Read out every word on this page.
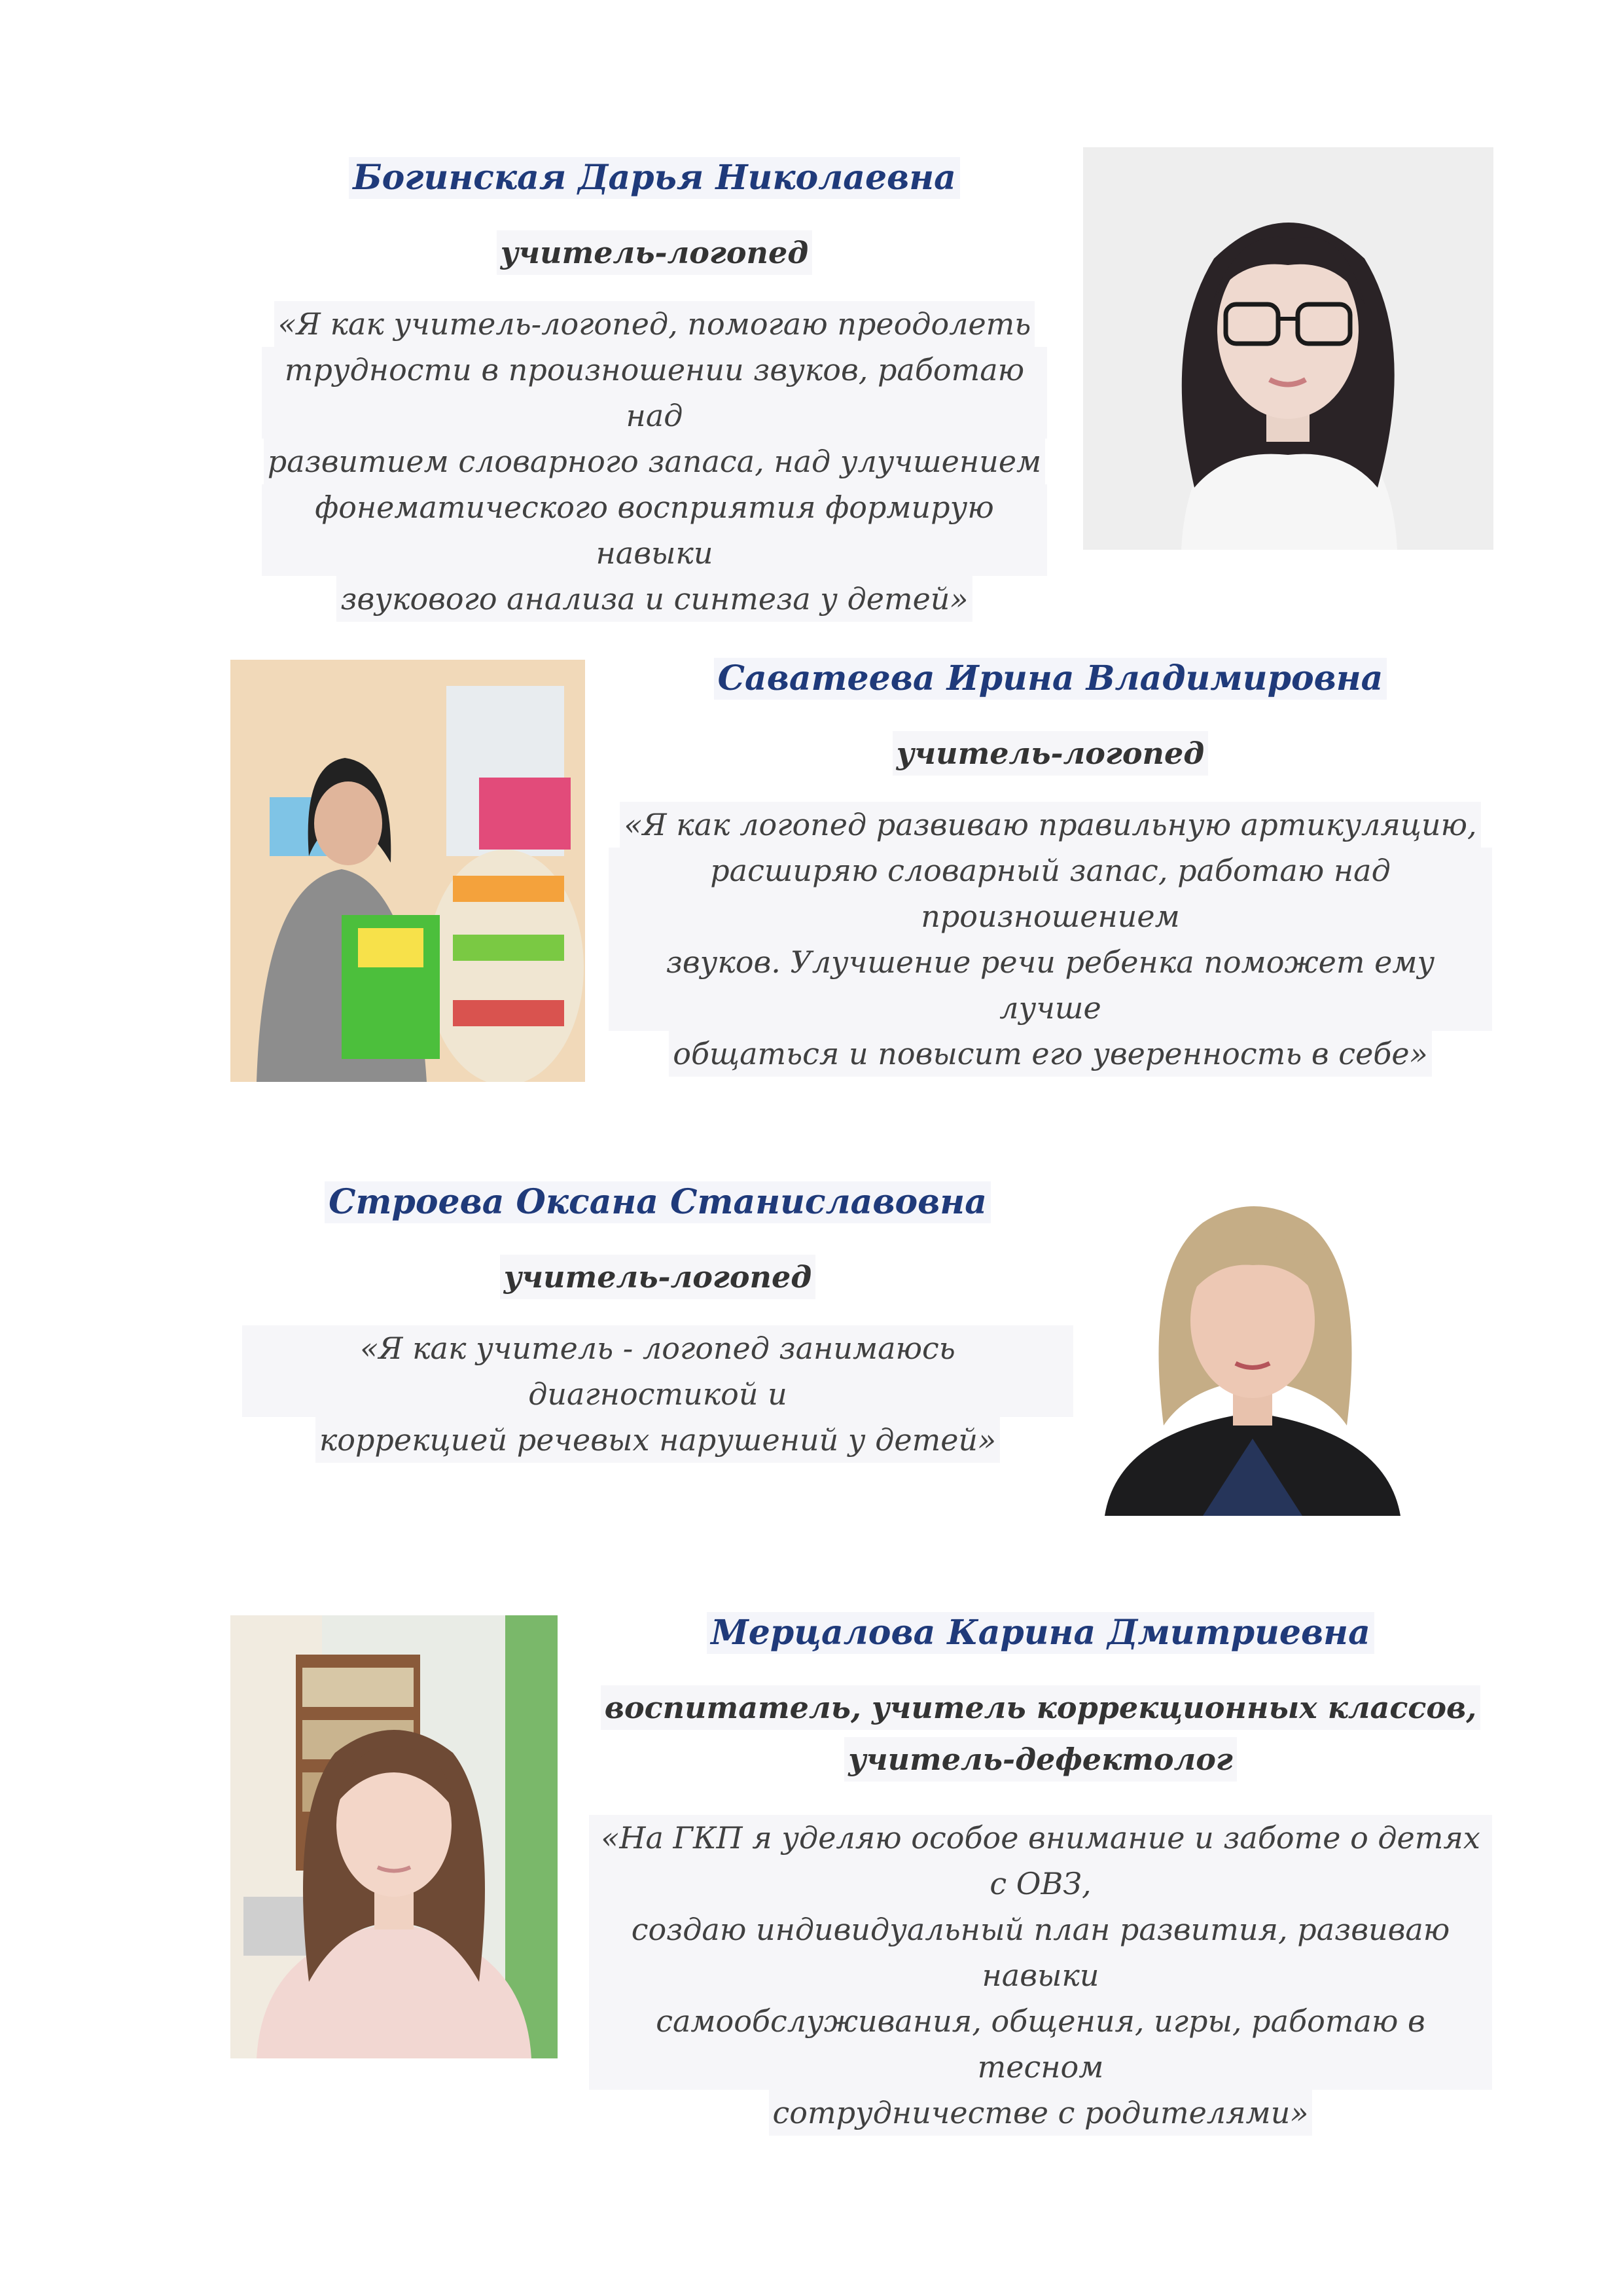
Богинская Дарья Николаевна
учитель-логопед
«Я как учитель-логопед, помогаю преодолеть
трудности в произношении звуков, работаю над
развитием словарного запаса, над улучшением
фонематического восприятия формирую навыки
звукового анализа и синтеза у детей»
Саватеева Ирина Владимировна
учитель-логопед
«Я как логопед развиваю правильную артикуляцию,
расширяю словарный запас, работаю над произношением
звуков. Улучшение речи ребенка поможет ему лучше
общаться и повысит его уверенность в себе»
Строева Оксана Станиславовна
учитель-логопед
«Я как учитель - логопед занимаюсь диагностикой и
коррекцией речевых нарушений у детей»
Мерцалова Карина Дмитриевна
воспитатель, учитель коррекционных классов,
учитель-дефектолог
«На ГКП я уделяю особое внимание и заботе о детях с ОВЗ,
создаю индивидуальный план развития, развиваю навыки
самообслуживания, общения, игры, работаю в тесном
сотрудничестве с родителями»
